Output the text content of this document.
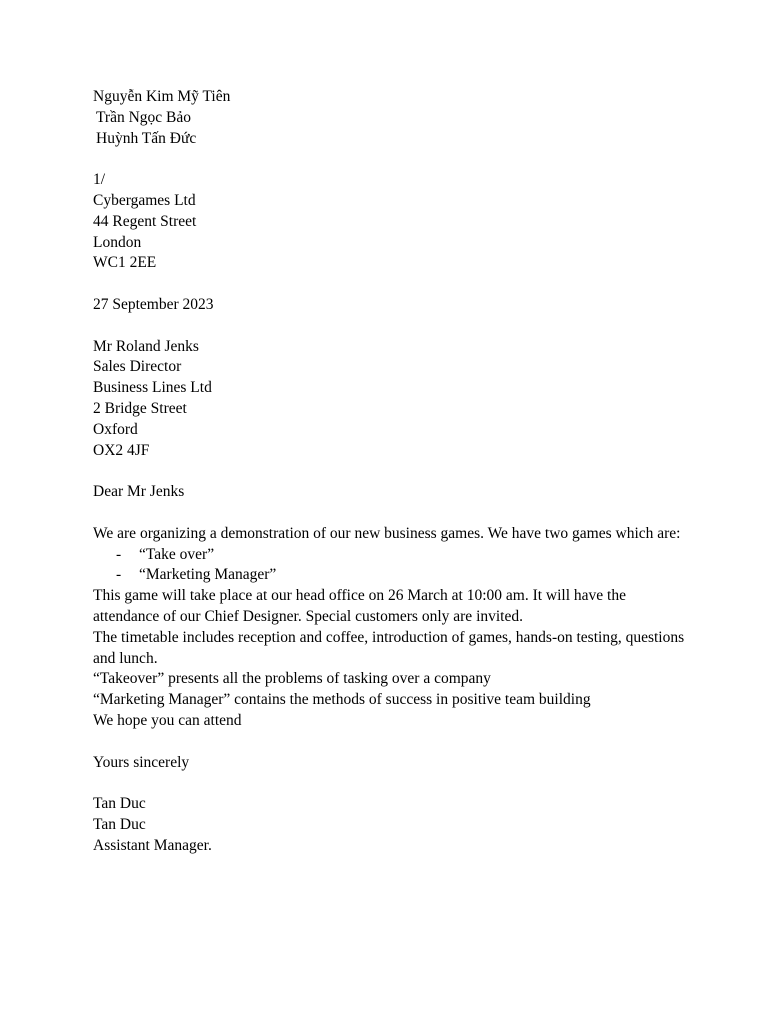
Nguyễn Kim Mỹ Tiên
Trần Ngọc Bảo
Huỳnh Tấn Đức
1/
Cybergames Ltd
44 Regent Street
London
WC1 2EE
27 September 2023
Mr Roland Jenks
Sales Director
Business Lines Ltd
2 Bridge Street
Oxford
OX2 4JF
Dear Mr Jenks
We are organizing a demonstration of our new business games. We have two games which are:
- “Take over”
- “Marketing Manager”
This game will take place at our head office on 26 March at 10:00 am. It will have the attendance of our Chief Designer. Special customers only are invited.
The timetable includes reception and coffee, introduction of games, hands-on testing, questions and lunch.
“Takeover” presents all the problems of tasking over a company
“Marketing Manager” contains the methods of success in positive team building
We hope you can attend
Yours sincerely
Tan Duc
Tan Duc
Assistant Manager.
